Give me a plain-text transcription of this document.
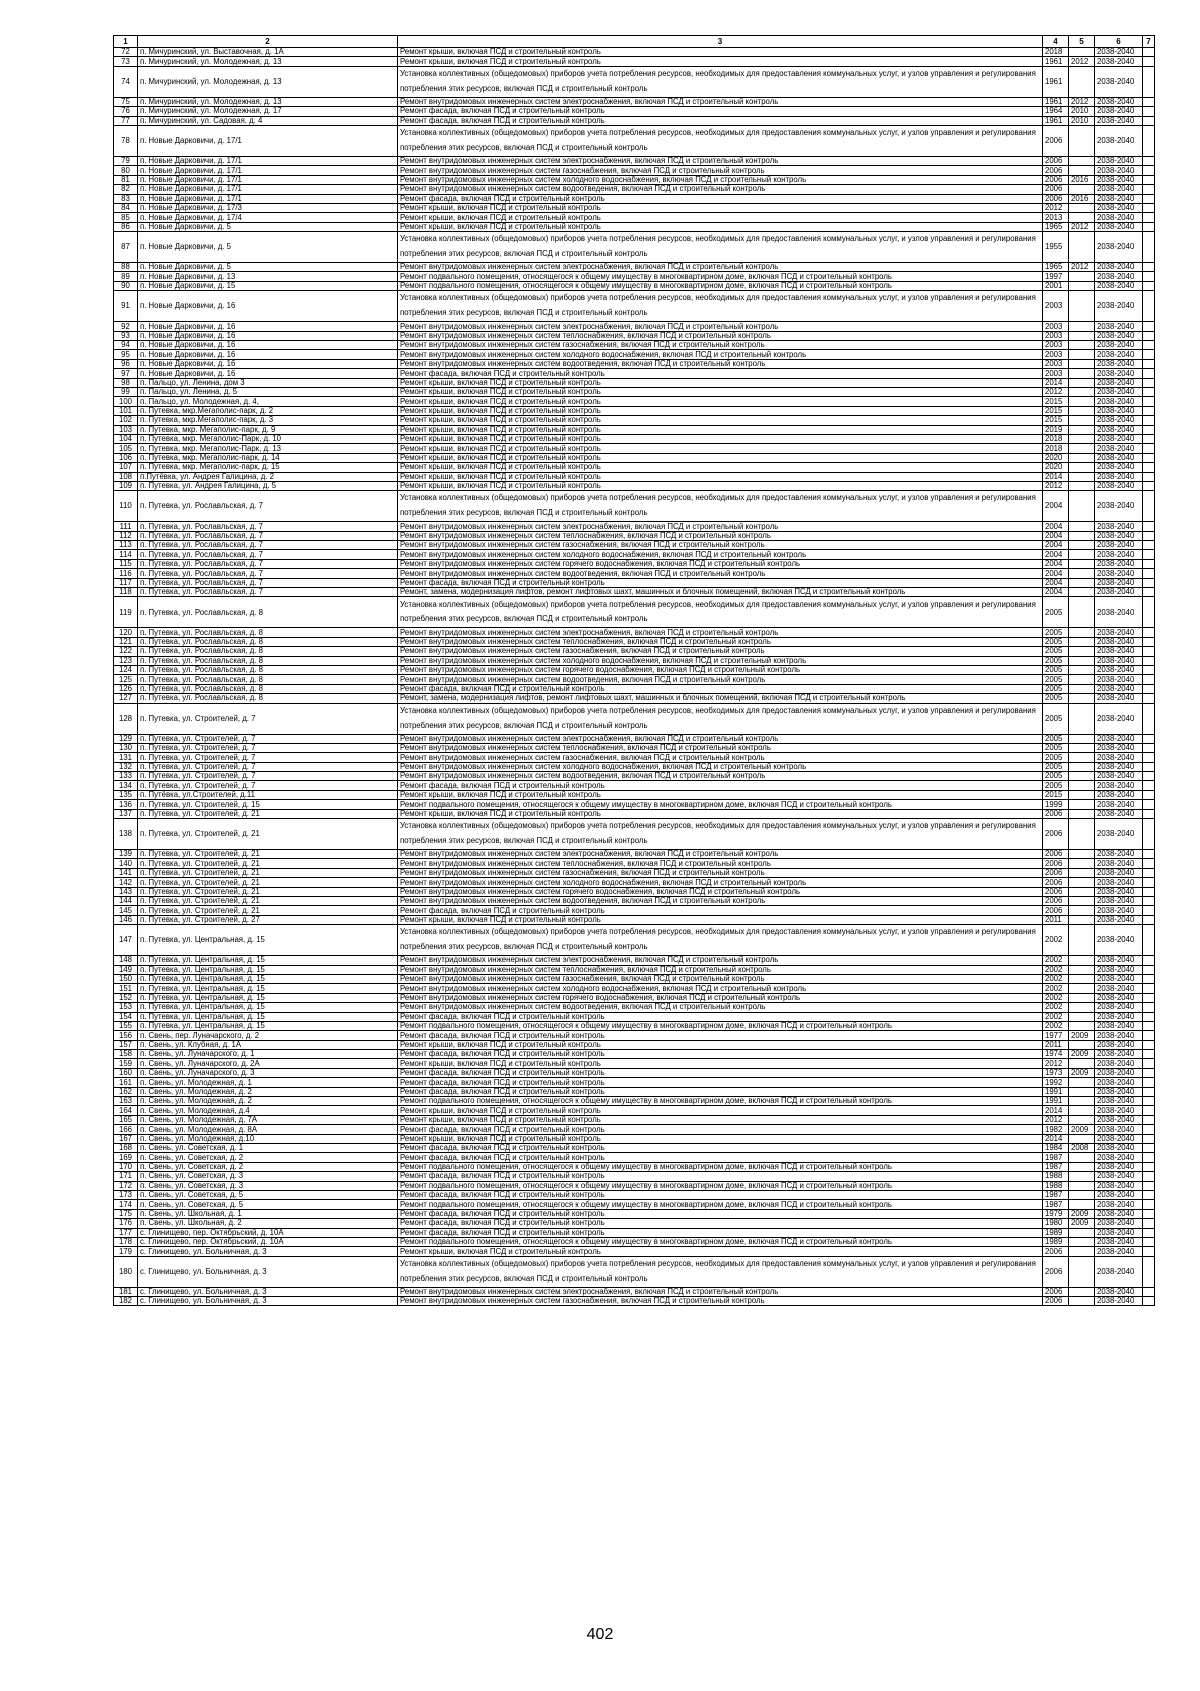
1	2	3	4	5	6	7
72	п. Мичуринский, ул. Выставочная, д. 1А	Ремонт крыши, включая ПСД и строительный контроль	2018		2038-2040	
73	п. Мичуринский, ул. Молодежная, д. 13	Ремонт крыши, включая ПСД и строительный контроль	1961	2012	2038-2040	
74	п. Мичуринский, ул. Молодежная, д. 13	Установка коллективных (общедомовых) приборов учета потребления ресурсов, необходимых для предоставления коммунальных услуг, и узлов управления и регулирования потребления этих ресурсов, включая ПСД и строительный контроль	1961		2038-2040	
75	п. Мичуринский, ул. Молодежная, д. 13	Ремонт внутридомовых инженерных систем электроснабжения, включая ПСД и строительный контроль	1961	2012	2038-2040	
76	п. Мичуринский, ул. Молодежная, д. 17	Ремонт фасада, включая ПСД и строительный контроль	1964	2010	2038-2040	
77	п. Мичуринский, ул. Садовая, д. 4	Ремонт фасада, включая ПСД и строительный контроль	1961	2010	2038-2040	
78	п. Новые Дарковичи, д. 17/1	Установка коллективных (общедомовых) приборов учета потребления ресурсов, необходимых для предоставления коммунальных услуг, и узлов управления и регулирования потребления этих ресурсов, включая ПСД и строительный контроль	2006		2038-2040	
79	п. Новые Дарковичи, д. 17/1	Ремонт внутридомовых инженерных систем электроснабжения, включая ПСД и строительный контроль	2006		2038-2040	
80	п. Новые Дарковичи, д. 17/1	Ремонт внутридомовых инженерных систем газоснабжения, включая ПСД и строительный контроль	2006		2038-2040	
81	п. Новые Дарковичи, д. 17/1	Ремонт внутридомовых инженерных систем холодного водоснабжения, включая ПСД и строительный контроль	2006	2016	2038-2040	
82	п. Новые Дарковичи, д. 17/1	Ремонт внутридомовых инженерных систем водоотведения, включая ПСД и строительный контроль	2006		2038-2040	
83	п. Новые Дарковичи, д. 17/1	Ремонт фасада, включая ПСД и строительный контроль	2006	2016	2038-2040	
84	п. Новые Дарковичи, д. 17/3	Ремонт крыши, включая ПСД и строительный контроль	2012		2038-2040	
85	п. Новые Дарковичи, д. 17/4	Ремонт крыши, включая ПСД и строительный контроль	2013		2038-2040	
86	п. Новые Дарковичи, д. 5	Ремонт крыши, включая ПСД и строительный контроль	1965	2012	2038-2040	
87	п. Новые Дарковичи, д. 5	Установка коллективных (общедомовых) приборов учета потребления ресурсов, необходимых для предоставления коммунальных услуг, и узлов управления и регулирования потребления этих ресурсов, включая ПСД и строительный контроль	1955		2038-2040	
88	п. Новые Дарковичи, д. 5	Ремонт внутридомовых инженерных систем электроснабжения, включая ПСД и строительный контроль	1965	2012	2038-2040	
89	п. Новые Дарковичи, д. 13	Ремонт подвального помещения, относящегося к общему имуществу в многоквартирном доме, включая ПСД и строительный контроль	1997		2038-2040	
90	п. Новые Дарковичи, д. 15	Ремонт подвального помещения, относящегося к общему имуществу в многоквартирном доме, включая ПСД и строительный контроль	2001		2038-2040	
91	п. Новые Дарковичи, д. 16	Установка коллективных (общедомовых) приборов учета потребления ресурсов, необходимых для предоставления коммунальных услуг, и узлов управления и регулирования потребления этих ресурсов, включая ПСД и строительный контроль	2003		2038-2040	
92	п. Новые Дарковичи, д. 16	Ремонт внутридомовых инженерных систем электроснабжения, включая ПСД и строительный контроль	2003		2038-2040	
93	п. Новые Дарковичи, д. 16	Ремонт внутридомовых инженерных систем теплоснабжения, включая ПСД и строительный контроль	2003		2038-2040	
94	п. Новые Дарковичи, д. 16	Ремонт внутридомовых инженерных систем газоснабжения, включая ПСД и строительный контроль	2003		2038-2040	
95	п. Новые Дарковичи, д. 16	Ремонт внутридомовых инженерных систем холодного водоснабжения, включая ПСД и строительный контроль	2003		2038-2040	
96	п. Новые Дарковичи, д. 16	Ремонт внутридомовых инженерных систем водоотведения, включая ПСД и строительный контроль	2003		2038-2040	
97	п. Новые Дарковичи, д. 16	Ремонт фасада, включая ПСД и строительный контроль	2003		2038-2040	
98	п. Пальцо, ул. Ленина, дом 3	Ремонт крыши, включая ПСД и строительный контроль	2014		2038-2040	
99	п. Пальцо, ул. Ленина, д. 5	Ремонт крыши, включая ПСД и строительный контроль	2012		2038-2040	
100	п. Пальцо, ул. Молодежная, д. 4,	Ремонт крыши, включая ПСД и строительный контроль	2015		2038-2040	
101	п. Путевка, мкр.Мегаполис-парк, д. 2	Ремонт крыши, включая ПСД и строительный контроль	2015		2038-2040	
102	п. Путевка, мкр.Мегаполис-парк, д. 3	Ремонт крыши, включая ПСД и строительный контроль	2015		2038-2040	
103	п. Путевка, мкр. Мегаполис-парк, д. 9	Ремонт крыши, включая ПСД и строительный контроль	2019		2038-2040	
104	п. Путевка, мкр. Мегаполис-Парк, д. 10	Ремонт крыши, включая ПСД и строительный контроль	2018		2038-2040	
105	п. Путевка, мкр. Мегаполис-Парк, д. 13	Ремонт крыши, включая ПСД и строительный контроль	2018		2038-2040	
106	п. Путевка, мкр. Мегаполис-парк, д. 14	Ремонт крыши, включая ПСД и строительный контроль	2020		2038-2040	
107	п. Путевка, мкр. Мегаполис-парк, д. 15	Ремонт крыши, включая ПСД и строительный контроль	2020		2038-2040	
108	п.Путёвка, ул. Андрея Галицина, д. 2	Ремонт крыши, включая ПСД и строительный контроль	2014		2038-2040	
109	п. Путевка, ул. Андрея Галицина, д. 5	Ремонт крыши, включая ПСД и строительный контроль	2012		2038-2040	
110	п. Путевка, ул. Рославльская, д. 7	Установка коллективных (общедомовых) приборов учета потребления ресурсов, необходимых для предоставления коммунальных услуг, и узлов управления и регулирования потребления этих ресурсов, включая ПСД и строительный контроль	2004		2038-2040	
111	п. Путевка, ул. Рославльская, д. 7	Ремонт внутридомовых инженерных систем электроснабжения, включая ПСД и строительный контроль	2004		2038-2040	
112	п. Путевка, ул. Рославльская, д. 7	Ремонт внутридомовых инженерных систем теплоснабжения, включая ПСД и строительный контроль	2004		2038-2040	
113	п. Путевка, ул. Рославльская, д. 7	Ремонт внутридомовых инженерных систем газоснабжения, включая ПСД и строительный контроль	2004		2038-2040	
114	п. Путевка, ул. Рославльская, д. 7	Ремонт внутридомовых инженерных систем холодного водоснабжения, включая ПСД и строительный контроль	2004		2038-2040	
115	п. Путевка, ул. Рославльская, д. 7	Ремонт внутридомовых инженерных систем горячего водоснабжения, включая ПСД и строительный контроль	2004		2038-2040	
116	п. Путевка, ул. Рославльская, д. 7	Ремонт внутридомовых инженерных систем водоотведения, включая ПСД и строительный контроль	2004		2038-2040	
117	п. Путевка, ул. Рославльская, д. 7	Ремонт фасада, включая ПСД и строительный контроль	2004		2038-2040	
118	п. Путевка, ул. Рославльская, д. 7	Ремонт, замена, модернизация лифтов, ремонт лифтовых шахт, машинных и блочных помещений, включая ПСД и строительный контроль	2004		2038-2040	
119	п. Путевка, ул. Рославльская, д. 8	Установка коллективных (общедомовых) приборов учета потребления ресурсов, необходимых для предоставления коммунальных услуг, и узлов управления и регулирования потребления этих ресурсов, включая ПСД и строительный контроль	2005		2038-2040	
120	п. Путевка, ул. Рославльская, д. 8	Ремонт внутридомовых инженерных систем электроснабжения, включая ПСД и строительный контроль	2005		2038-2040	
121	п. Путевка, ул. Рославльская, д. 8	Ремонт внутридомовых инженерных систем теплоснабжения, включая ПСД и строительный контроль	2005		2038-2040	
122	п. Путевка, ул. Рославльская, д. 8	Ремонт внутридомовых инженерных систем газоснабжения, включая ПСД и строительный контроль	2005		2038-2040	
123	п. Путевка, ул. Рославльская, д. 8	Ремонт внутридомовых инженерных систем холодного водоснабжения, включая ПСД и строительный контроль	2005		2038-2040	
124	п. Путевка, ул. Рославльская, д. 8	Ремонт внутридомовых инженерных систем горячего водоснабжения, включая ПСД и строительный контроль	2005		2038-2040	
125	п. Путевка, ул. Рославльская, д. 8	Ремонт внутридомовых инженерных систем водоотведения, включая ПСД и строительный контроль	2005		2038-2040	
126	п. Путевка, ул. Рославльская, д. 8	Ремонт фасада, включая ПСД и строительный контроль	2005		2038-2040	
127	п. Путевка, ул. Рославльская, д. 8	Ремонт, замена, модернизация лифтов, ремонт лифтовых шахт, машинных и блочных помещений, включая ПСД и строительный контроль	2005		2038-2040	
128	п. Путевка, ул. Строителей, д. 7	Установка коллективных (общедомовых) приборов учета потребления ресурсов, необходимых для предоставления коммунальных услуг, и узлов управления и регулирования потребления этих ресурсов, включая ПСД и строительный контроль	2005		2038-2040	
129	п. Путевка, ул. Строителей, д. 7	Ремонт внутридомовых инженерных систем электроснабжения, включая ПСД и строительный контроль	2005		2038-2040	
130	п. Путевка, ул. Строителей, д. 7	Ремонт внутридомовых инженерных систем теплоснабжения, включая ПСД и строительный контроль	2005		2038-2040	
131	п. Путевка, ул. Строителей, д. 7	Ремонт внутридомовых инженерных систем газоснабжения, включая ПСД и строительный контроль	2005		2038-2040	
132	п. Путевка, ул. Строителей, д. 7	Ремонт внутридомовых инженерных систем холодного водоснабжения, включая ПСД и строительный контроль	2005		2038-2040	
133	п. Путевка, ул. Строителей, д. 7	Ремонт внутридомовых инженерных систем водоотведения, включая ПСД и строительный контроль	2005		2038-2040	
134	п. Путевка, ул. Строителей, д. 7	Ремонт фасада, включая ПСД и строительный контроль	2005		2038-2040	
135	п. Путёвка, ул.Строителей, д.11	Ремонт крыши, включая ПСД и строительный контроль	2015		2038-2040	
136	п. Путевка, ул. Строителей, д. 15	Ремонт подвального помещения, относящегося к общему имуществу в многоквартирном доме, включая ПСД и строительный контроль	1999		2038-2040	
137	п. Путевка, ул. Строителей, д. 21	Ремонт крыши, включая ПСД и строительный контроль	2006		2038-2040	
138	п. Путевка, ул. Строителей, д. 21	Установка коллективных (общедомовых) приборов учета потребления ресурсов, необходимых для предоставления коммунальных услуг, и узлов управления и регулирования потребления этих ресурсов, включая ПСД и строительный контроль	2006		2038-2040	
139	п. Путевка, ул. Строителей, д. 21	Ремонт внутридомовых инженерных систем электроснабжения, включая ПСД и строительный контроль	2006		2038-2040	
140	п. Путевка, ул. Строителей, д. 21	Ремонт внутридомовых инженерных систем теплоснабжения, включая ПСД и строительный контроль	2006		2038-2040	
141	п. Путевка, ул. Строителей, д. 21	Ремонт внутридомовых инженерных систем газоснабжения, включая ПСД и строительный контроль	2006		2038-2040	
142	п. Путевка, ул. Строителей, д. 21	Ремонт внутридомовых инженерных систем холодного водоснабжения, включая ПСД и строительный контроль	2006		2038-2040	
143	п. Путевка, ул. Строителей, д. 21	Ремонт внутридомовых инженерных систем горячего водоснабжения, включая ПСД и строительный контроль	2006		2038-2040	
144	п. Путевка, ул. Строителей, д. 21	Ремонт внутридомовых инженерных систем водоотведения, включая ПСД и строительный контроль	2006		2038-2040	
145	п. Путевка, ул. Строителей, д. 21	Ремонт фасада, включая ПСД и строительный контроль	2006		2038-2040	
146	п. Путевка, ул. Строителей, д. 27	Ремонт крыши, включая ПСД и строительный контроль	2011		2038-2040	
147	п. Путевка, ул. Центральная, д. 15	Установка коллективных (общедомовых) приборов учета потребления ресурсов, необходимых для предоставления коммунальных услуг, и узлов управления и регулирования потребления этих ресурсов, включая ПСД и строительный контроль	2002		2038-2040	
148	п. Путевка, ул. Центральная, д. 15	Ремонт внутридомовых инженерных систем электроснабжения, включая ПСД и строительный контроль	2002		2038-2040	
149	п. Путевка, ул. Центральная, д. 15	Ремонт внутридомовых инженерных систем теплоснабжения, включая ПСД и строительный контроль	2002		2038-2040	
150	п. Путевка, ул. Центральная, д. 15	Ремонт внутридомовых инженерных систем газоснабжения, включая ПСД и строительный контроль	2002		2038-2040	
151	п. Путевка, ул. Центральная, д. 15	Ремонт внутридомовых инженерных систем холодного водоснабжения, включая ПСД и строительный контроль	2002		2038-2040	
152	п. Путевка, ул. Центральная, д. 15	Ремонт внутридомовых инженерных систем горячего водоснабжения, включая ПСД и строительный контроль	2002		2038-2040	
153	п. Путевка, ул. Центральная, д. 15	Ремонт внутридомовых инженерных систем водоотведения, включая ПСД и строительный контроль	2002		2038-2040	
154	п. Путевка, ул. Центральная, д. 15	Ремонт фасада, включая ПСД и строительный контроль	2002		2038-2040	
155	п. Путевка, ул. Центральная, д. 15	Ремонт подвального помещения, относящегося к общему имуществу в многоквартирном доме, включая ПСД и строительный контроль	2002		2038-2040	
156	п. Свень, пер. Луначарского, д. 2	Ремонт фасада, включая ПСД и строительный контроль	1977	2009	2038-2040	
157	п. Свень, ул. Клубная, д. 1А	Ремонт крыши, включая ПСД и строительный контроль	2011		2038-2040	
158	п. Свень, ул. Луначарского, д. 1	Ремонт фасада, включая ПСД и строительный контроль	1974	2009	2038-2040	
159	п. Свень, ул. Луначарского, д. 2А	Ремонт крыши, включая ПСД и строительный контроль	2012		2038-2040	
160	п. Свень, ул. Луначарского, д. 3	Ремонт фасада, включая ПСД и строительный контроль	1973	2009	2038-2040	
161	п. Свень, ул. Молодежная, д. 1	Ремонт фасада, включая ПСД и строительный контроль	1992		2038-2040	
162	п. Свень, ул. Молодежная, д. 2	Ремонт фасада, включая ПСД и строительный контроль	1991		2038-2040	
163	п. Свень, ул. Молодежная, д. 2	Ремонт подвального помещения, относящегося к общему имуществу в многоквартирном доме, включая ПСД и строительный контроль	1991		2038-2040	
164	п. Свень, ул. Молодежная, д.4	Ремонт крыши, включая ПСД и строительный контроль	2014		2038-2040	
165	п. Свень, ул. Молодежная, д. 7А	Ремонт крыши, включая ПСД и строительный контроль	2012		2038-2040	
166	п. Свень, ул. Молодежная, д. 8А	Ремонт фасада, включая ПСД и строительный контроль	1982	2009	2038-2040	
167	п. Свень, ул. Молодежная, д.10	Ремонт крыши, включая ПСД и строительный контроль	2014		2038-2040	
168	п. Свень, ул. Советская, д. 1	Ремонт фасада, включая ПСД и строительный контроль	1984	2008	2038-2040	
169	п. Свень, ул. Советская, д. 2	Ремонт фасада, включая ПСД и строительный контроль	1987		2038-2040	
170	п. Свень, ул. Советская, д. 2	Ремонт подвального помещения, относящегося к общему имуществу в многоквартирном доме, включая ПСД и строительный контроль	1987		2038-2040	
171	п. Свень, ул. Советская, д. 3	Ремонт фасада, включая ПСД и строительный контроль	1988		2038-2040	
172	п. Свень, ул. Советская, д. 3	Ремонт подвального помещения, относящегося к общему имуществу в многоквартирном доме, включая ПСД и строительный контроль	1988		2038-2040	
173	п. Свень, ул. Советская, д. 5	Ремонт фасада, включая ПСД и строительный контроль	1987		2038-2040	
174	п. Свень, ул. Советская, д. 5	Ремонт подвального помещения, относящегося к общему имуществу в многоквартирном доме, включая ПСД и строительный контроль	1987		2038-2040	
175	п. Свень, ул. Школьная, д. 1	Ремонт фасада, включая ПСД и строительный контроль	1979	2009	2038-2040	
176	п. Свень, ул. Школьная, д. 2	Ремонт фасада, включая ПСД и строительный контроль	1980	2009	2038-2040	
177	с. Глинищево, пер. Октябрьский, д. 10А	Ремонт фасада, включая ПСД и строительный контроль	1989		2038-2040	
178	с. Глинищево, пер. Октябрьский, д. 10А	Ремонт подвального помещения, относящегося к общему имуществу в многоквартирном доме, включая ПСД и строительный контроль	1989		2038-2040	
179	с. Глинищево, ул. Больничная, д. 3	Ремонт крыши, включая ПСД и строительный контроль	2006		2038-2040	
180	с. Глинищево, ул. Больничная, д. 3	Установка коллективных (общедомовых) приборов учета потребления ресурсов, необходимых для предоставления коммунальных услуг, и узлов управления и регулирования потребления этих ресурсов, включая ПСД и строительный контроль	2006		2038-2040	
181	с. Глинищево, ул. Больничная, д. 3	Ремонт внутридомовых инженерных систем электроснабжения, включая ПСД и строительный контроль	2006		2038-2040	
182	с. Глинищево, ул. Больничная, д. 3	Ремонт внутридомовых инженерных систем газоснабжения, включая ПСД и строительный контроль	2006		2038-2040	
402
